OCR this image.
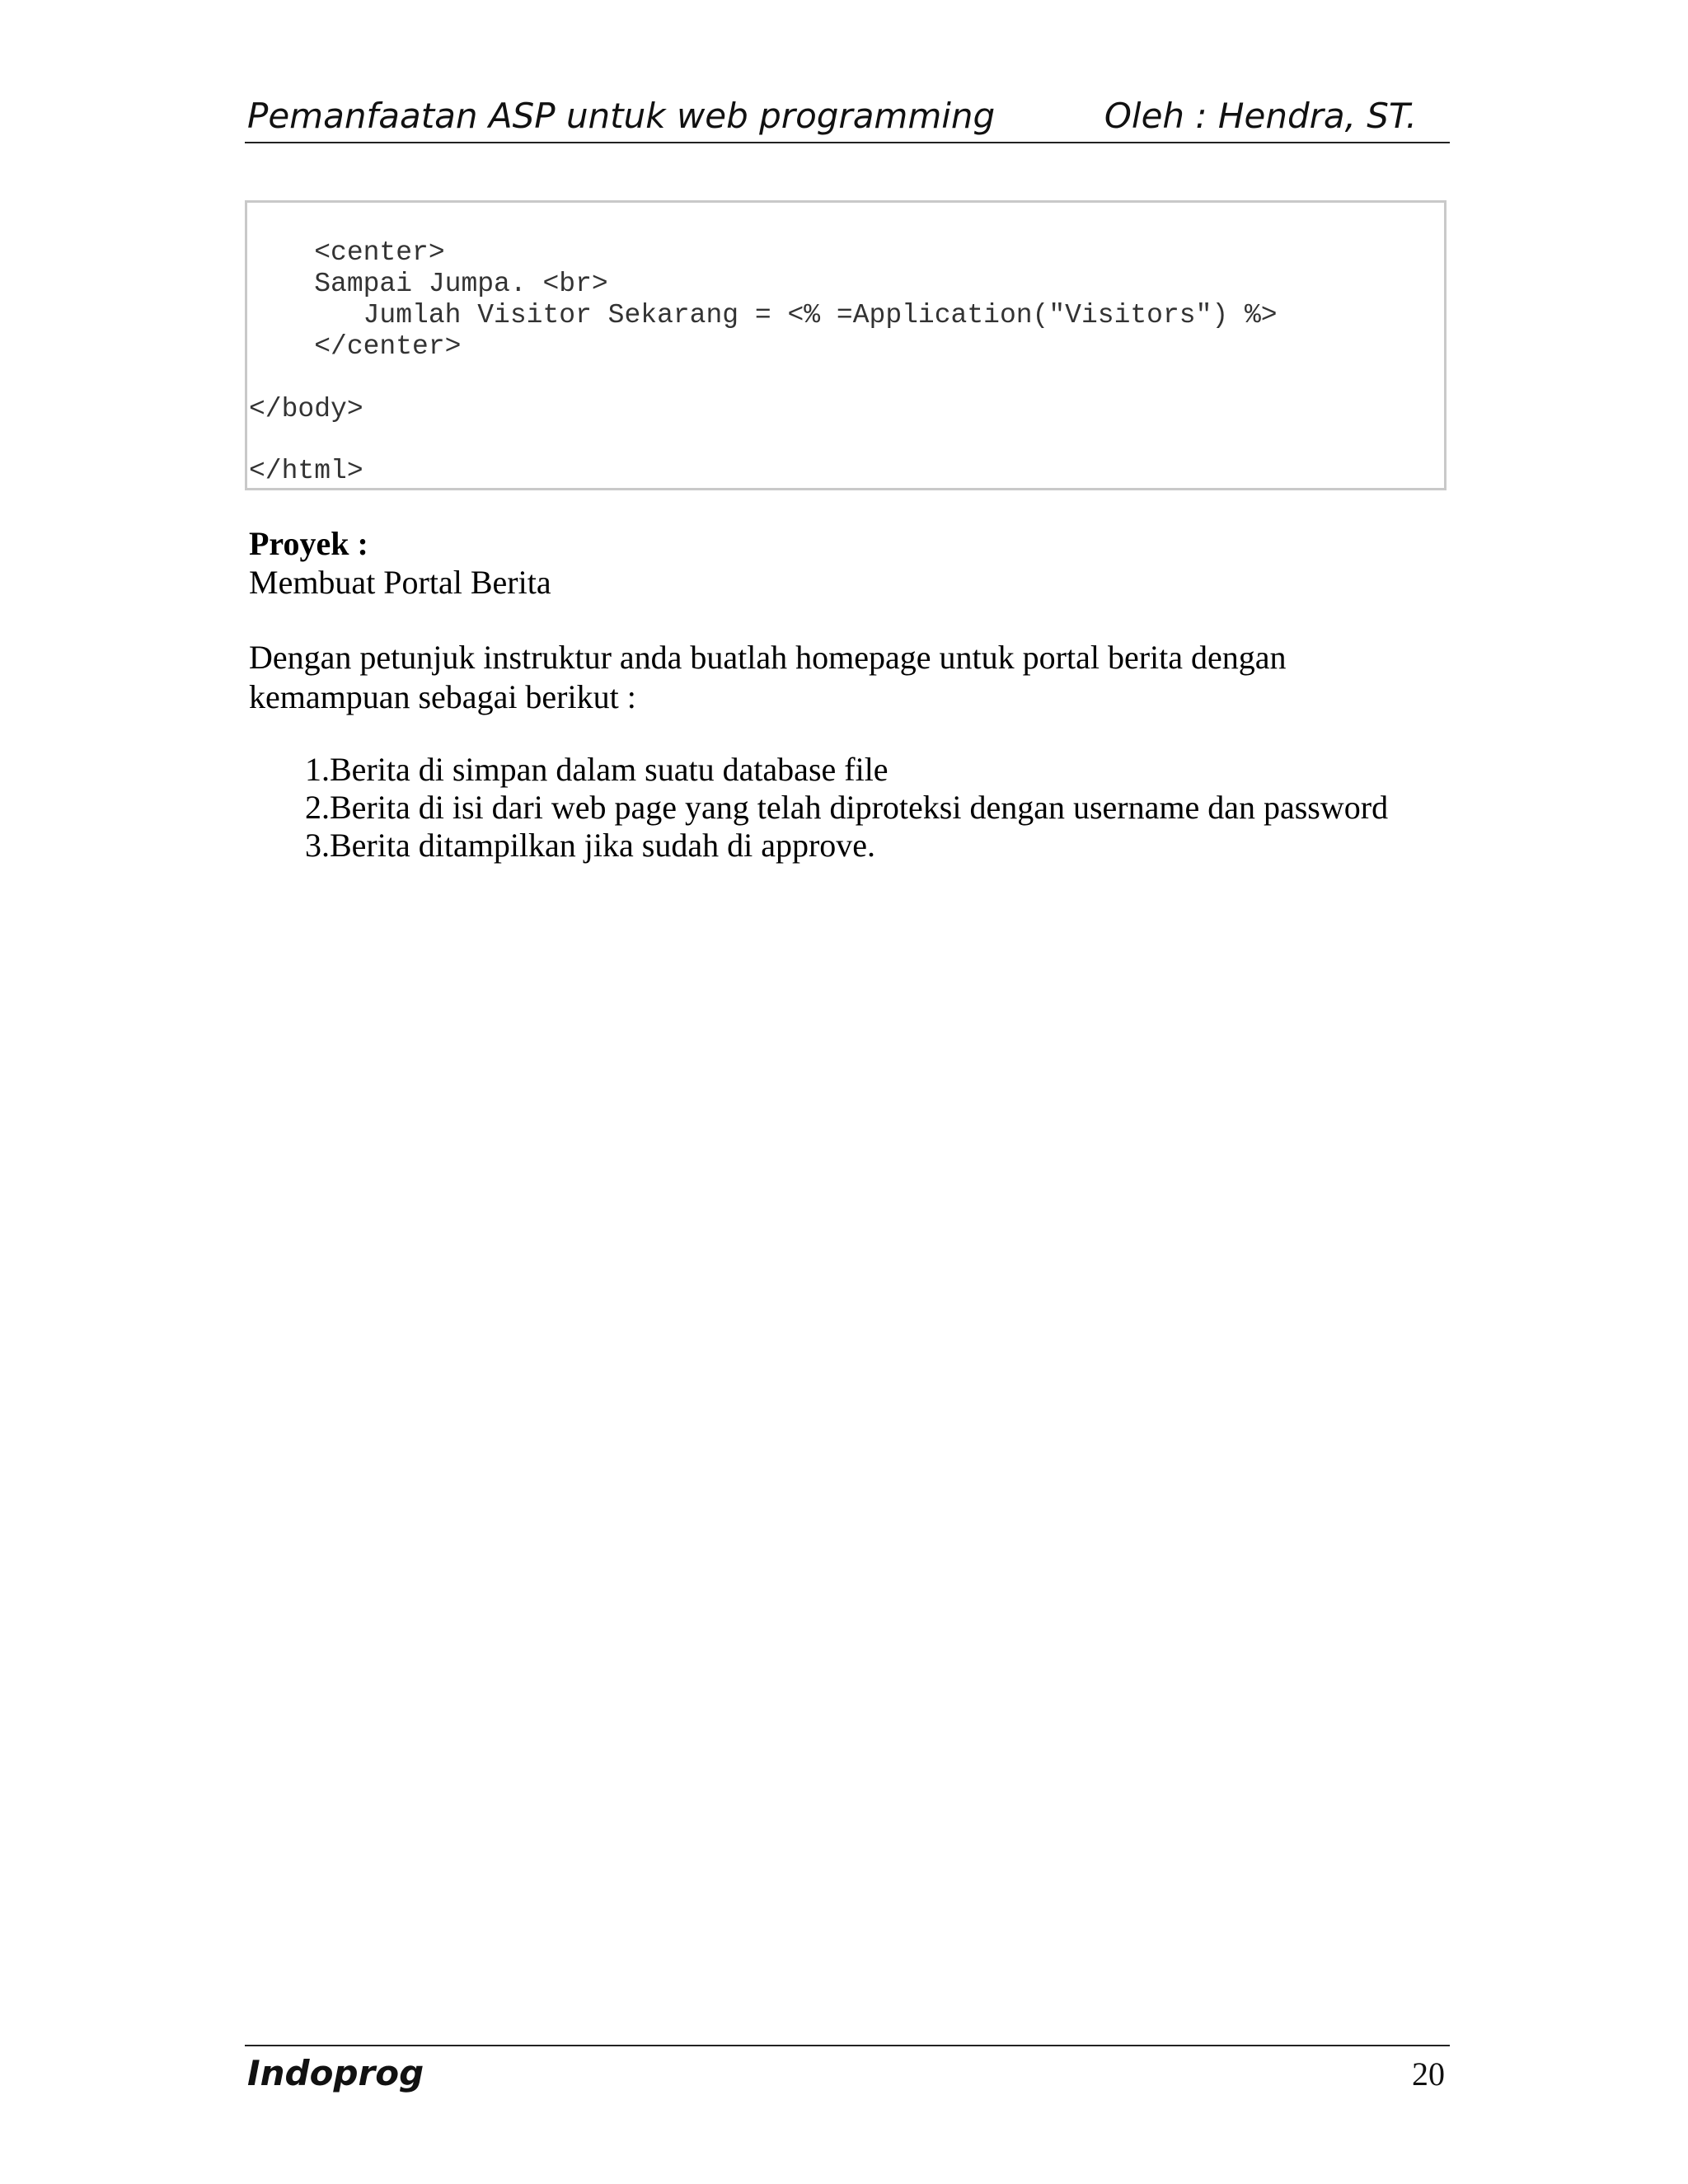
Pemanfaatan ASP untuk web programming	Oleh : Hendra, ST.
<center>
Sampai Jumpa. <br>
Jumlah Visitor Sekarang = <% =Application("Visitors") %>
</center>
</body>
</html>
Proyek :
Membuat Portal Berita
Dengan petunjuk instruktur anda buatlah homepage untuk portal berita dengan kemampuan sebagai berikut :
1. Berita di simpan dalam suatu database file
2. Berita di isi dari web page yang telah diproteksi dengan username dan password
3. Berita ditampilkan jika sudah di approve.
Indoprog	20
